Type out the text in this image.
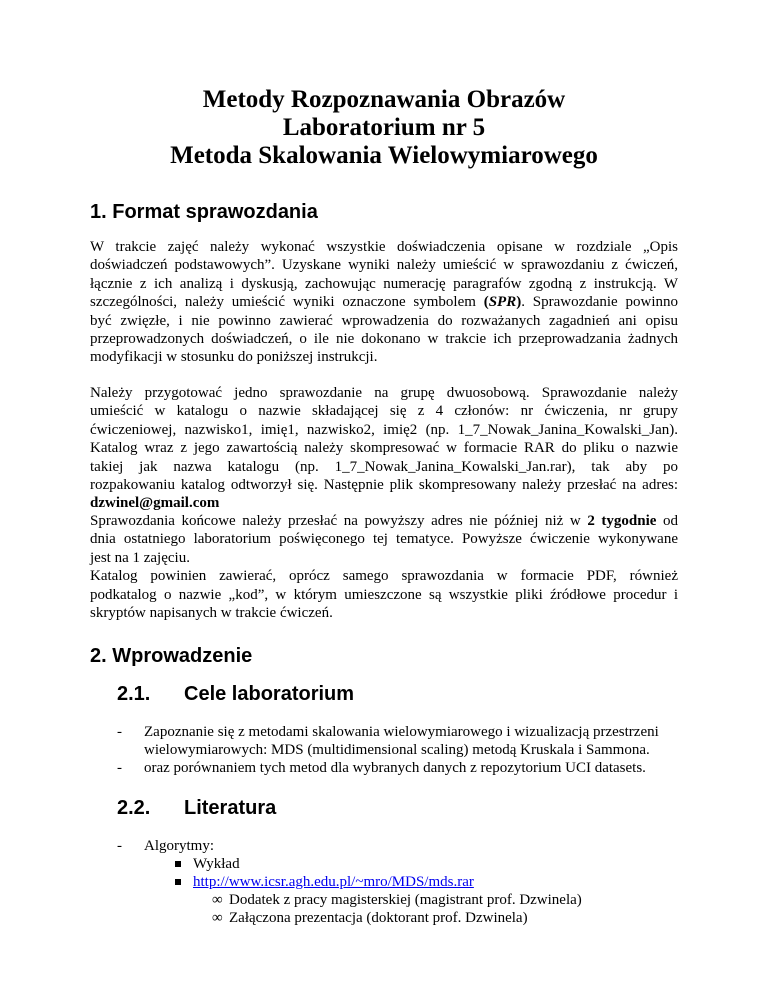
Metody Rozpoznawania Obrazów
Laboratorium nr 5
Metoda Skalowania Wielowymiarowego
1. Format sprawozdania
W trakcie zajęć należy wykonać wszystkie doświadczenia opisane w rozdziale „Opis
doświadczeń podstawowych”. Uzyskane wyniki należy umieścić w sprawozdaniu z ćwiczeń,
łącznie z ich analizą i dyskusją, zachowując numerację paragrafów zgodną z instrukcją. W
szczególności, należy umieścić wyniki oznaczone symbolem (SPR). Sprawozdanie powinno
być zwięzłe, i nie powinno zawierać wprowadzenia do rozważanych zagadnień ani opisu
przeprowadzonych doświadczeń, o ile nie dokonano w trakcie ich przeprowadzania żadnych
modyfikacji w stosunku do poniższej instrukcji.
Należy przygotować jedno sprawozdanie na grupę dwuosobową. Sprawozdanie należy
umieścić w katalogu o nazwie składającej się z 4 członów: nr ćwiczenia, nr grupy
ćwiczeniowej, nazwisko1, imię1, nazwisko2, imię2 (np. 1_7_Nowak_Janina_Kowalski_Jan).
Katalog wraz z jego zawartością należy skompresować w formacie RAR do pliku o nazwie
takiej jak nazwa katalogu (np. 1_7_Nowak_Janina_Kowalski_Jan.rar), tak aby po
rozpakowaniu katalog odtworzył się. Następnie plik skompresowany należy przesłać na adres:
dzwinel@gmail.com
Sprawozdania końcowe należy przesłać na powyższy adres nie później niż w 2 tygodnie od
dnia ostatniego laboratorium poświęconego tej tematyce. Powyższe ćwiczenie wykonywane
jest na 1 zajęciu.
Katalog powinien zawierać, oprócz samego sprawozdania w formacie PDF, również
podkatalog o nazwie „kod”, w którym umieszczone są wszystkie pliki źródłowe procedur i
skryptów napisanych w trakcie ćwiczeń.
2. Wprowadzenie
2.1. Cele laboratorium
- Zapoznanie się z metodami skalowania wielowymiarowego i wizualizacją przestrzeni
wielowymiarowych: MDS (multidimensional scaling) metodą Kruskala i Sammona.
- oraz porównaniem tych metod dla wybranych danych z repozytorium UCI datasets.
2.2. Literatura
- Algorytmy:
Wykład
http://www.icsr.agh.edu.pl/~mro/MDS/mds.rar
∞ Dodatek z pracy magisterskiej (magistrant prof. Dzwinela)
∞ Załączona prezentacja (doktorant prof. Dzwinela)
